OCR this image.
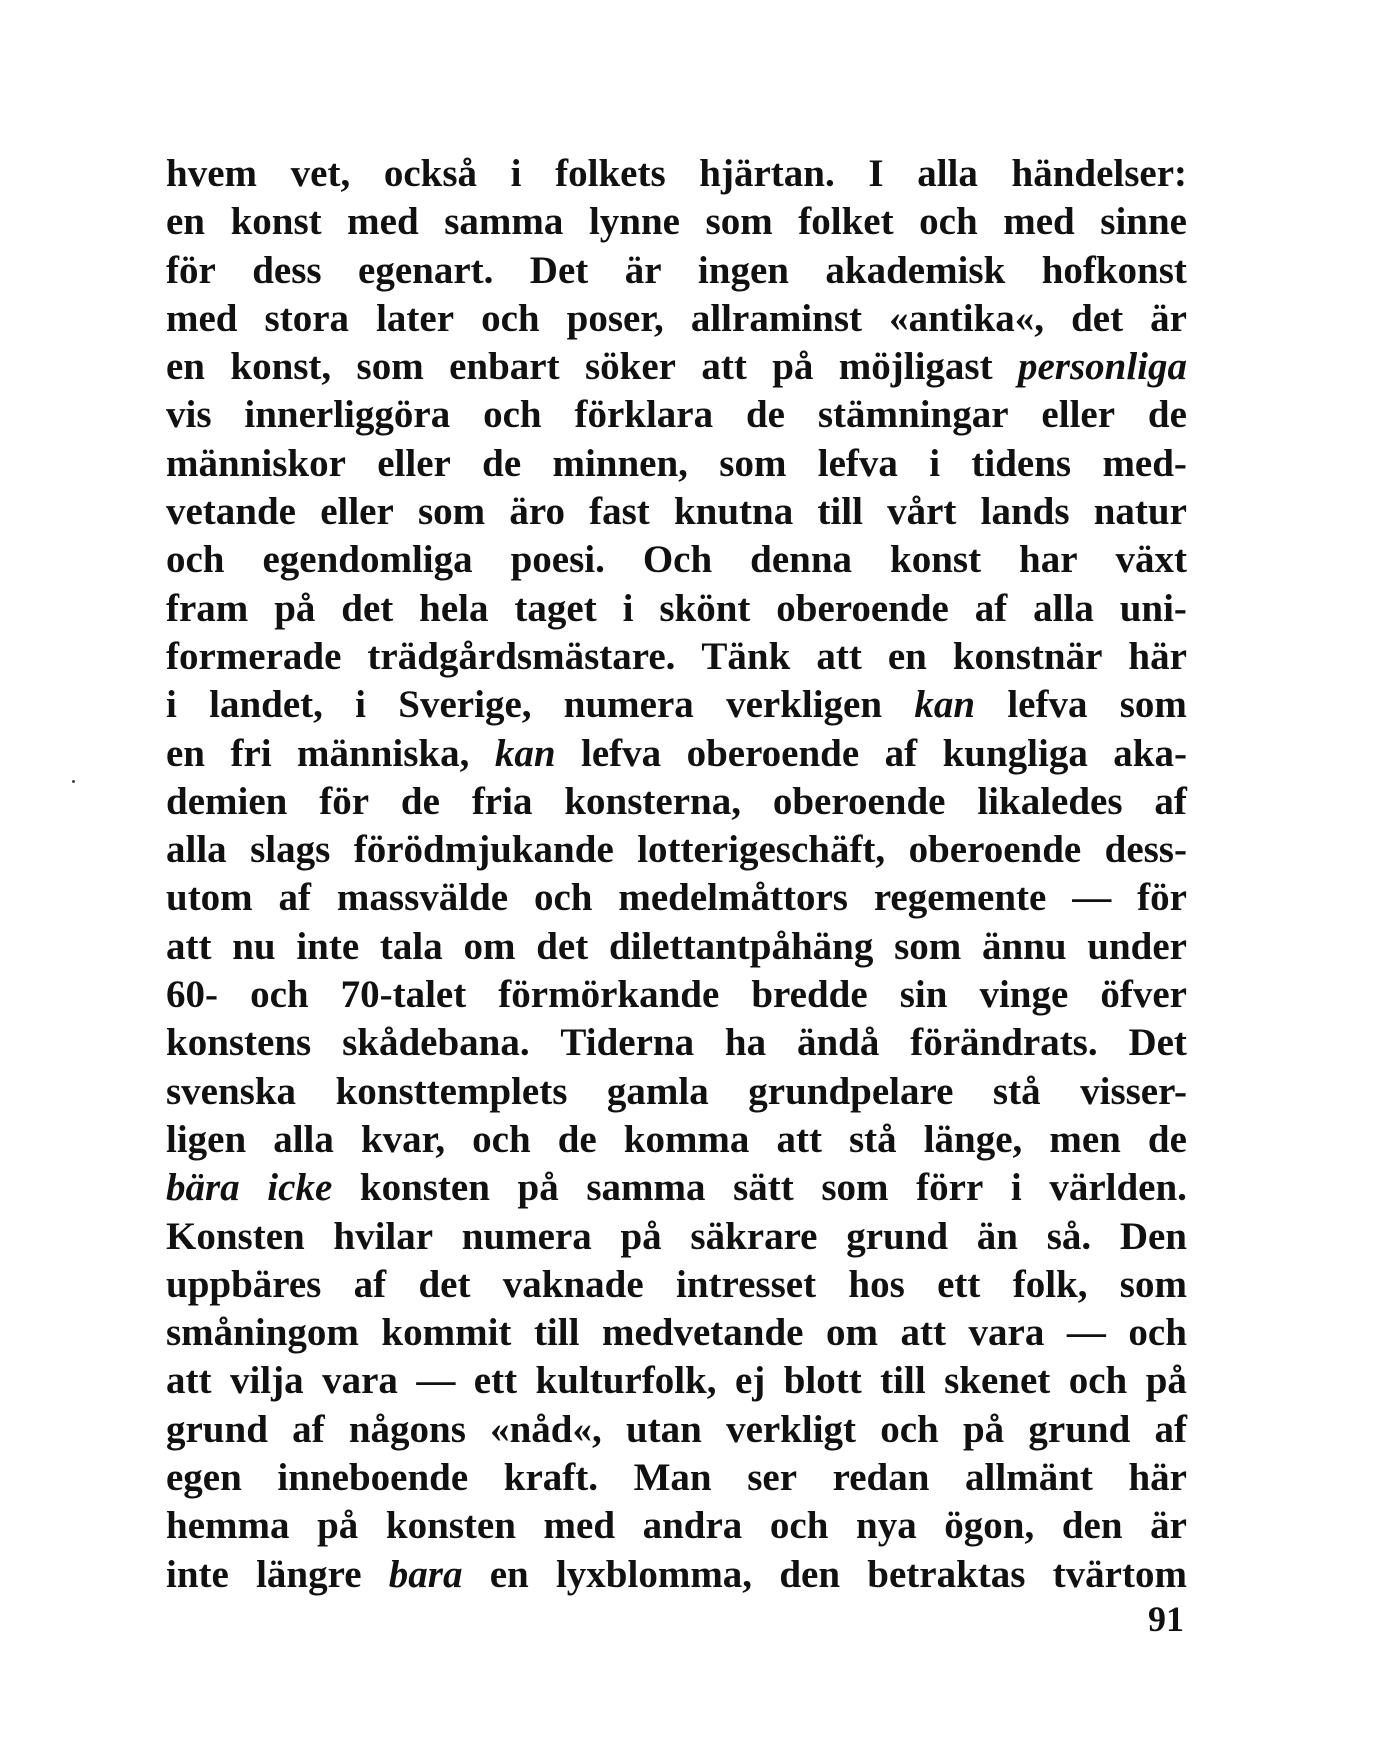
hvem vet, också i folkets hjärtan. I alla händelser:
en konst med samma lynne som folket och med sinne
för dess egenart. Det är ingen akademisk hofkonst
med stora later och poser, allraminst «antika«, det är
en konst, som enbart söker att på möjligast personliga
vis innerliggöra och förklara de stämningar eller de
människor eller de minnen, som lefva i tidens med-
vetande eller som äro fast knutna till vårt lands natur
och egendomliga poesi. Och denna konst har växt
fram på det hela taget i skönt oberoende af alla uni-
formerade trädgårdsmästare. Tänk att en konstnär här
i landet, i Sverige, numera verkligen kan lefva som
en fri människa, kan lefva oberoende af kungliga aka-
demien för de fria konsterna, oberoende likaledes af
alla slags förödmjukande lotterigeschäft, oberoende dess-
utom af massvälde och medelmåttors regemente — för
att nu inte tala om det dilettantpåhäng som ännu under
60- och 70-talet förmörkande bredde sin vinge öfver
konstens skådebana. Tiderna ha ändå förändrats. Det
svenska konsttemplets gamla grundpelare stå visser-
ligen alla kvar, och de komma att stå länge, men de
bära icke konsten på samma sätt som förr i världen.
Konsten hvilar numera på säkrare grund än så. Den
uppbäres af det vaknade intresset hos ett folk, som
småningom kommit till medvetande om att vara — och
att vilja vara — ett kulturfolk, ej blott till skenet och på
grund af någons «nåd«, utan verkligt och på grund af
egen inneboende kraft. Man ser redan allmänt här
hemma på konsten med andra och nya ögon, den är
inte längre bara en lyxblomma, den betraktas tvärtom
91
